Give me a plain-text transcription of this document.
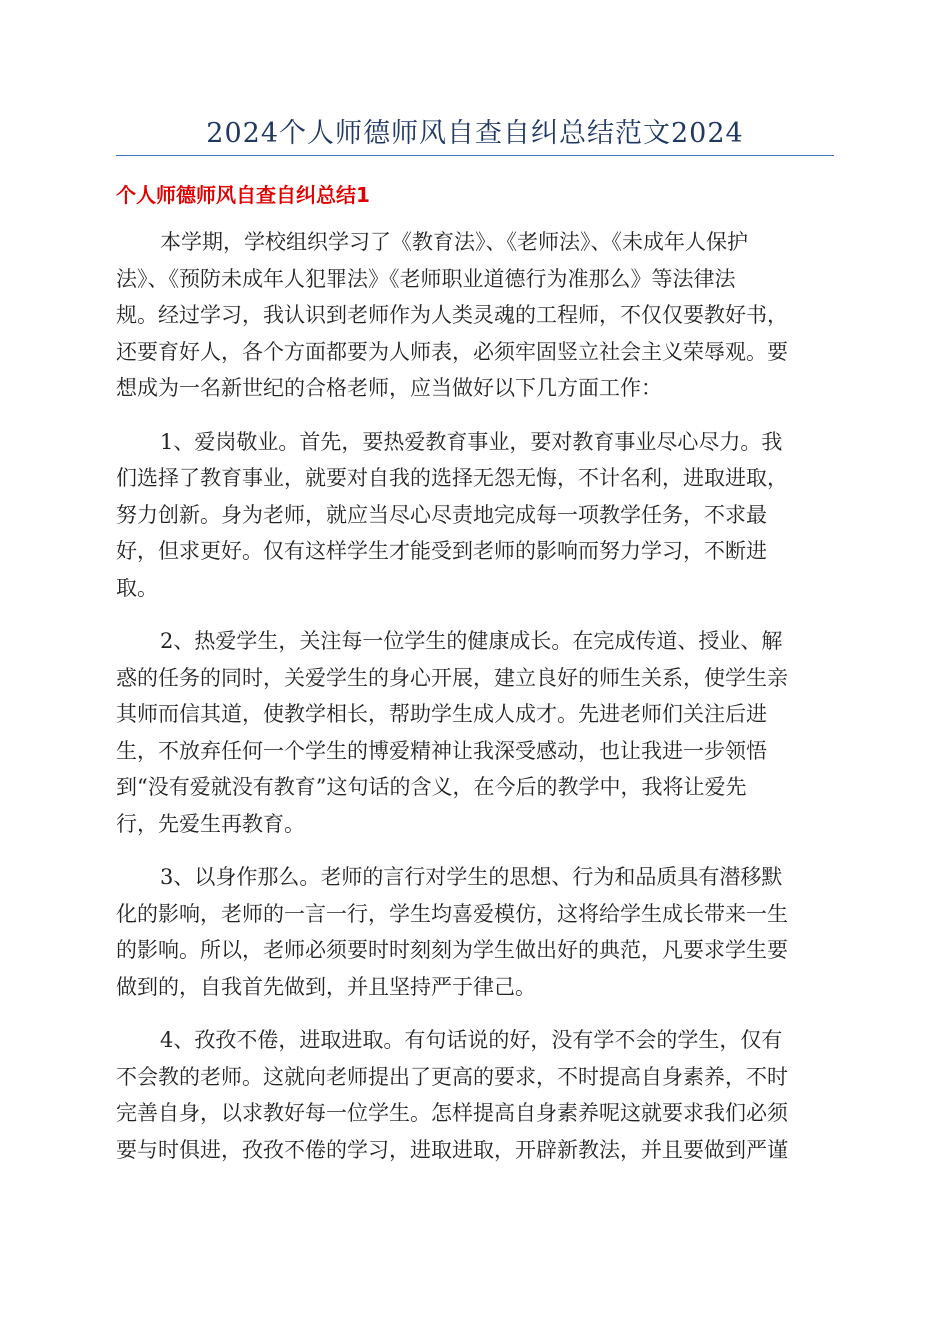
2024个人师德师风自查自纠总结范文2024
个人师德师风自查自纠总结1

本学期，学校组织学习了《教育法》、《老师法》、《未成年人保护
法》、《预防未成年人犯罪法》《老师职业道德行为准那么》等法律法
规。经过学习，我认识到老师作为人类灵魂的工程师，不仅仅要教好书，
还要育好人，各个方面都要为人师表，必须牢固竖立社会主义荣辱观。要
想成为一名新世纪的合格老师，应当做好以下几方面工作：

1、爱岗敬业。首先，要热爱教育事业，要对教育事业尽心尽力。我
们选择了教育事业，就要对自我的选择无怨无悔，不计名利，进取进取，
努力创新。身为老师，就应当尽心尽责地完成每一项教学任务，不求最
好，但求更好。仅有这样学生才能受到老师的影响而努力学习，不断进
取。

2、热爱学生，关注每一位学生的健康成长。在完成传道、授业、解
惑的任务的同时，关爱学生的身心开展，建立良好的师生关系，使学生亲
其师而信其道，使教学相长，帮助学生成人成才。先进老师们关注后进
生，不放弃任何一个学生的博爱精神让我深受感动，也让我进一步领悟
到“没有爱就没有教育”这句话的含义，在今后的教学中，我将让爱先
行，先爱生再教育。

3、以身作那么。老师的言行对学生的思想、行为和品质具有潜移默
化的影响，老师的一言一行，学生均喜爱模仿，这将给学生成长带来一生
的影响。所以，老师必须要时时刻刻为学生做出好的典范，凡要求学生要
做到的，自我首先做到，并且坚持严于律己。

4、孜孜不倦，进取进取。有句话说的好，没有学不会的学生，仅有
不会教的老师。这就向老师提出了更高的要求，不时提高自身素养，不时
完善自身，以求教好每一位学生。怎样提高自身素养呢这就要求我们必须
要与时俱进，孜孜不倦的学习，进取进取，开辟新教法，并且要做到严谨
